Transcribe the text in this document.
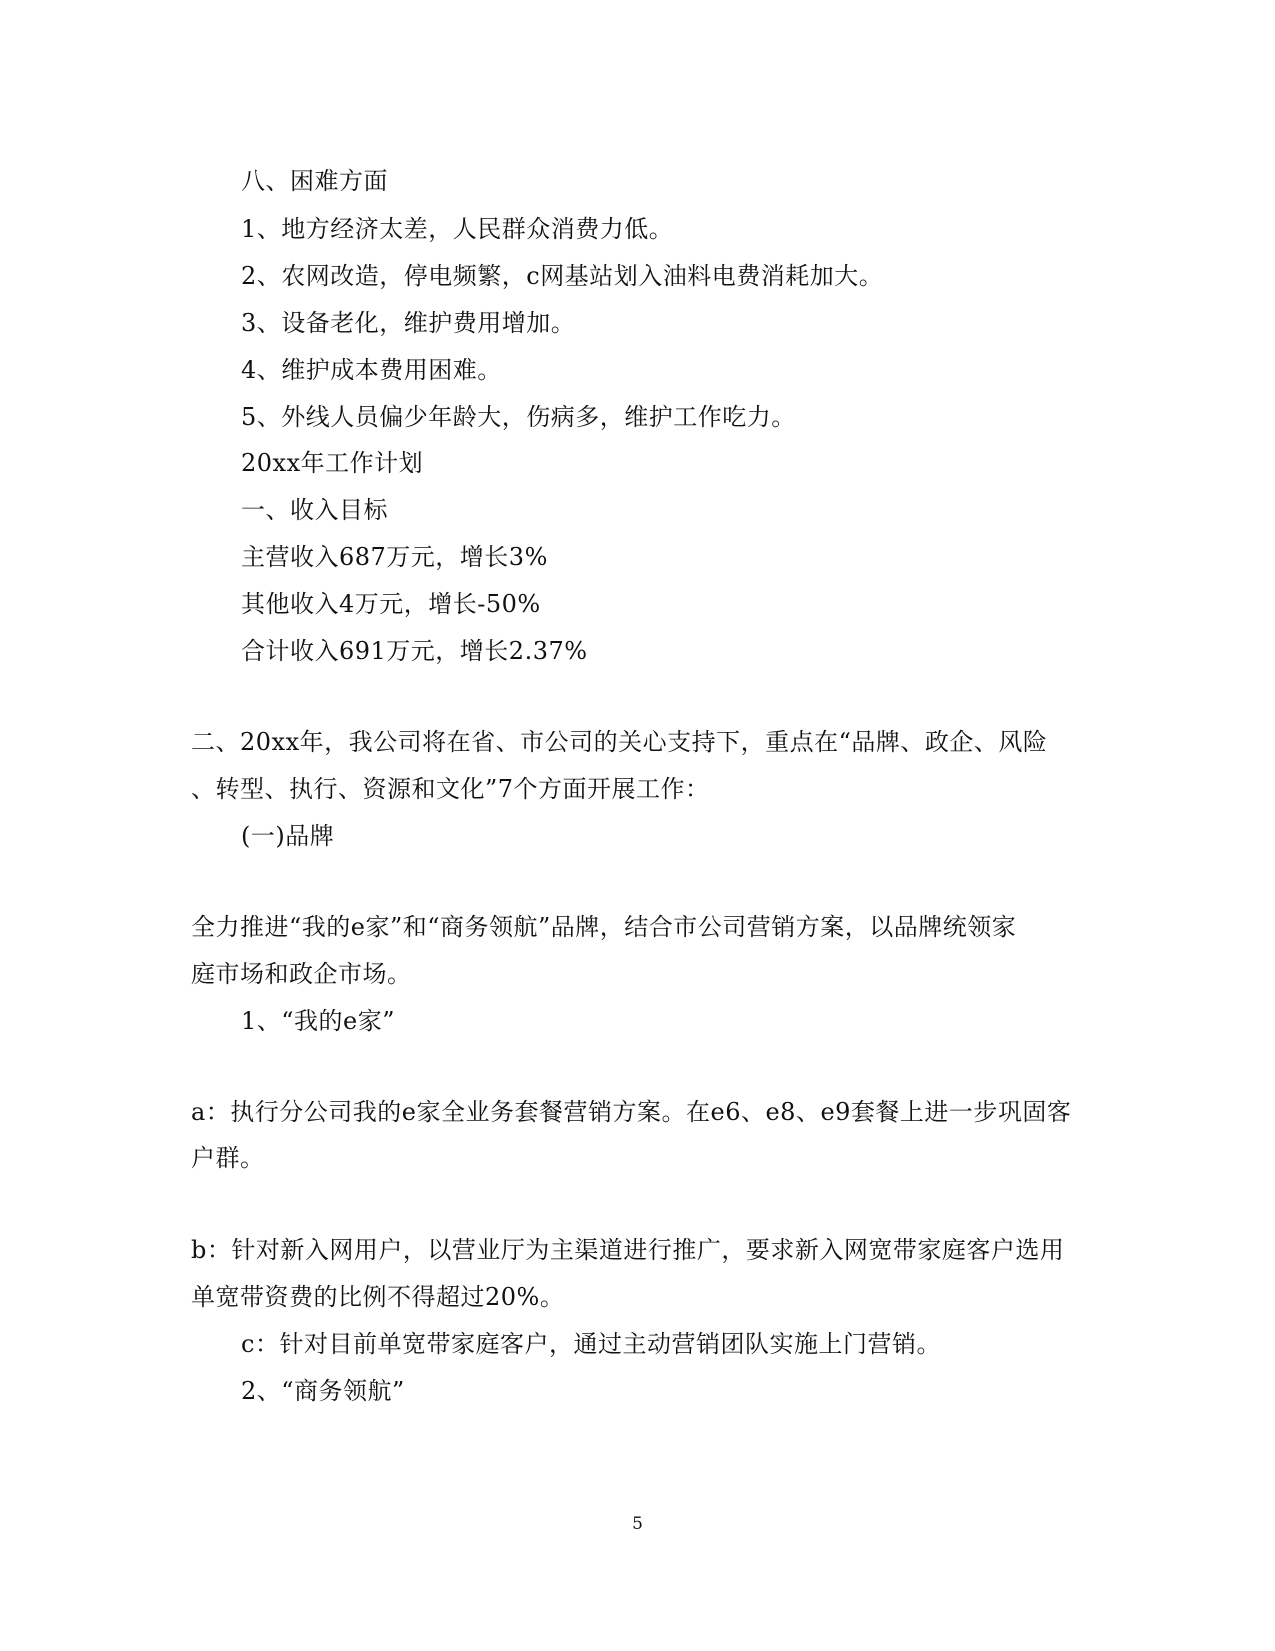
八、困难方面
1、地方经济太差，人民群众消费力低。
2、农网改造，停电频繁，c网基站划入油料电费消耗加大。
3、设备老化，维护费用增加。
4、维护成本费用困难。
5、外线人员偏少年龄大，伤病多，维护工作吃力。
20xx年工作计划
一、收入目标
主营收入687万元，增长3%
其他收入4万元，增长-50%
合计收入691万元，增长2.37%
二、20xx年，我公司将在省、市公司的关心支持下，重点在“品牌、政企、风险
、转型、执行、资源和文化”7个方面开展工作：
(一)品牌
全力推进“我的e家”和“商务领航”品牌，结合市公司营销方案，以品牌统领家
庭市场和政企市场。
1、“我的e家”
a：执行分公司我的e家全业务套餐营销方案。在e6、e8、e9套餐上进一步巩固客
户群。
b：针对新入网用户，以营业厅为主渠道进行推广，要求新入网宽带家庭客户选用
单宽带资费的比例不得超过20%。
c：针对目前单宽带家庭客户，通过主动营销团队实施上门营销。
2、“商务领航”
5
